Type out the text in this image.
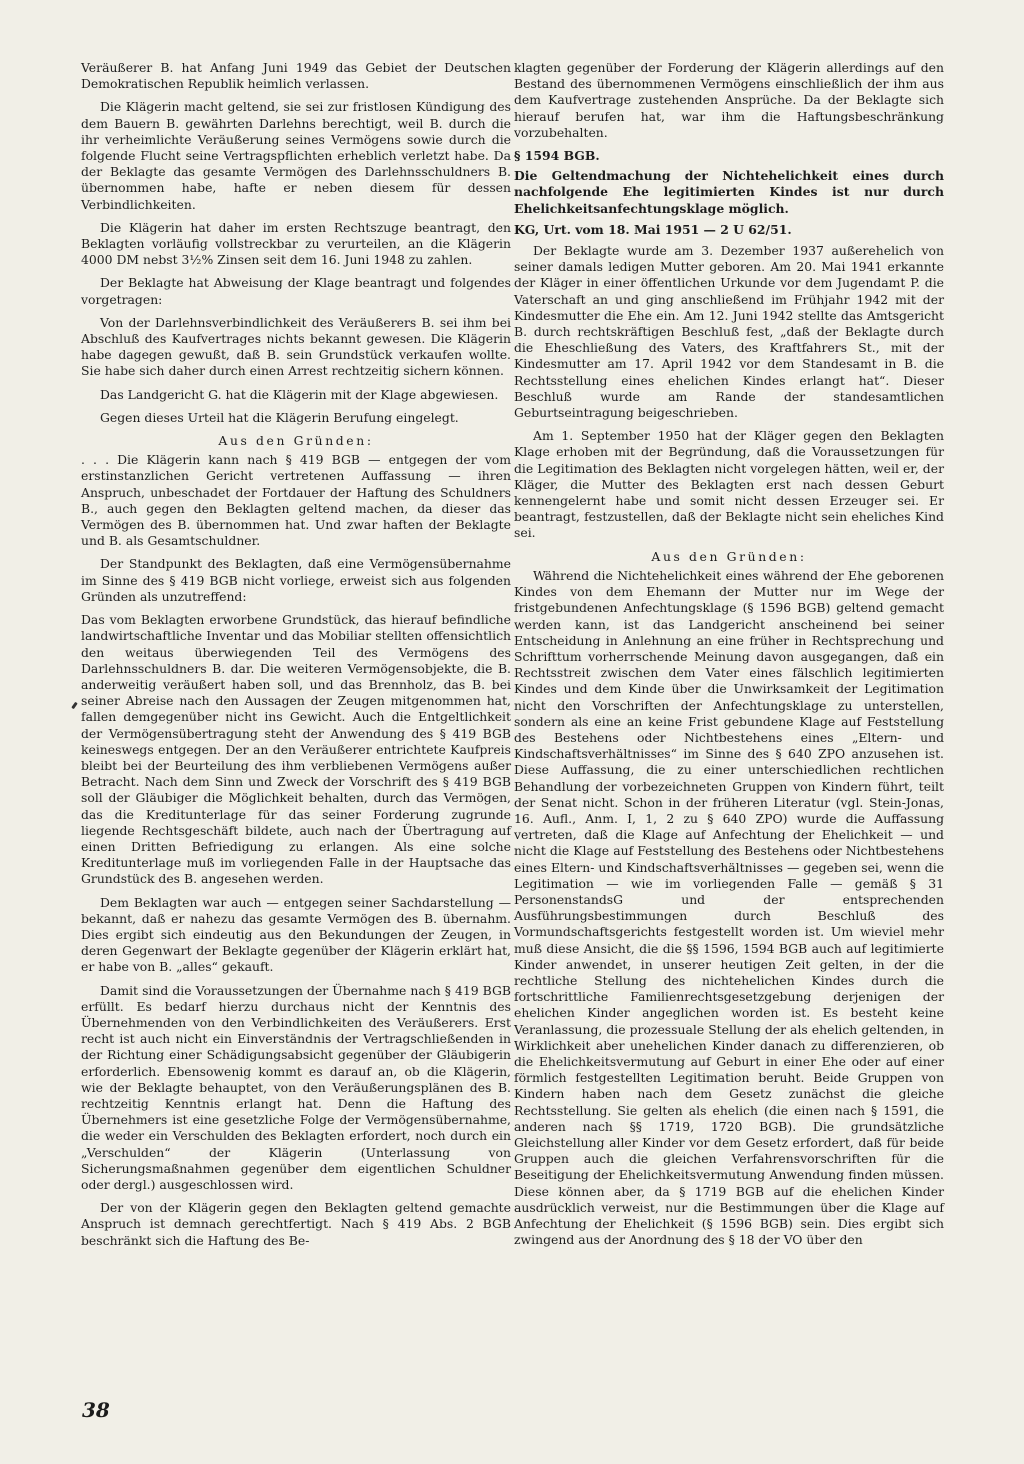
Veräußerer B. hat Anfang Juni 1949 das Gebiet der Deutschen Demokratischen Republik heimlich verlassen.

Die Klägerin macht geltend, sie sei zur fristlosen Kündigung des dem Bauern B. gewährten Darlehns berechtigt, weil B. durch die ihr verheimlichte Veräußerung seines Vermögens sowie durch die folgende Flucht seine Vertragspflichten erheblich verletzt habe. Da der Beklagte das gesamte Vermögen des Darlehnsschuldners B. übernommen habe, hafte er neben diesem für dessen Verbindlichkeiten.

Die Klägerin hat daher im ersten Rechtszuge beantragt, den Beklagten vorläufig vollstreckbar zu verurteilen, an die Klägerin 4000 DM nebst 3½% Zinsen seit dem 16. Juni 1948 zu zahlen.

Der Beklagte hat Abweisung der Klage beantragt und folgendes vorgetragen:

Von der Darlehnsverbindlichkeit des Veräußerers B. sei ihm bei Abschluß des Kaufvertrages nichts bekannt gewesen. Die Klägerin habe dagegen gewußt, daß B. sein Grundstück verkaufen wollte. Sie habe sich daher durch einen Arrest rechtzeitig sichern können.

Das Landgericht G. hat die Klägerin mit der Klage abgewiesen.

Gegen dieses Urteil hat die Klägerin Berufung eingelegt.

Aus den Gründen:

. . . Die Klägerin kann nach § 419 BGB — entgegen der vom erstinstanzlichen Gericht vertretenen Auffassung — ihren Anspruch, unbeschadet der Fortdauer der Haftung des Schuldners B., auch gegen den Beklagten geltend machen, da dieser das Vermögen des B. übernommen hat. Und zwar haften der Beklagte und B. als Gesamtschuldner.

Der Standpunkt des Beklagten, daß eine Vermögensübernahme im Sinne des § 419 BGB nicht vorliege, erweist sich aus folgenden Gründen als unzutreffend:

Das vom Beklagten erworbene Grundstück, das hierauf befindliche landwirtschaftliche Inventar und das Mobiliar stellten offensichtlich den weitaus überwiegenden Teil des Vermögens des Darlehnsschuldners B. dar. Die weiteren Vermögensobjekte, die B. anderweitig veräußert haben soll, und das Brennholz, das B. bei seiner Abreise nach den Aussagen der Zeugen mitgenommen hat, fallen demgegenüber nicht ins Gewicht. Auch die Entgeltlichkeit der Vermögensübertragung steht der Anwendung des § 419 BGB keineswegs entgegen. Der an den Veräußerer entrichtete Kaufpreis bleibt bei der Beurteilung des ihm verbliebenen Vermögens außer Betracht. Nach dem Sinn und Zweck der Vorschrift des § 419 BGB soll der Gläubiger die Möglichkeit behalten, durch das Vermögen, das die Kreditunterlage für das seiner Forderung zugrunde liegende Rechtsgeschäft bildete, auch nach der Übertragung auf einen Dritten Befriedigung zu erlangen. Als eine solche Kreditunterlage muß im vorliegenden Falle in der Hauptsache das Grundstück des B. angesehen werden.

Dem Beklagten war auch — entgegen seiner Sachdarstellung — bekannt, daß er nahezu das gesamte Vermögen des B. übernahm. Dies ergibt sich eindeutig aus den Bekundungen der Zeugen, in deren Gegenwart der Beklagte gegenüber der Klägerin erklärt hat, er habe von B. „alles“ gekauft.

Damit sind die Voraussetzungen der Übernahme nach § 419 BGB erfüllt. Es bedarf hierzu durchaus nicht der Kenntnis des Übernehmenden von den Verbindlichkeiten des Veräußerers. Erst recht ist auch nicht ein Einverständnis der Vertragschließenden in der Richtung einer Schädigungsabsicht gegenüber der Gläubigerin erforderlich. Ebensowenig kommt es darauf an, ob die Klägerin, wie der Beklagte behauptet, von den Veräußerungsplänen des B. rechtzeitig Kenntnis erlangt hat. Denn die Haftung des Übernehmers ist eine gesetzliche Folge der Vermögensübernahme, die weder ein Verschulden des Beklagten erfordert, noch durch ein „Verschulden“ der Klägerin (Unterlassung von Sicherungsmaßnahmen gegenüber dem eigentlichen Schuldner oder dergl.) ausgeschlossen wird.

Der von der Klägerin gegen den Beklagten geltend gemachte Anspruch ist demnach gerechtfertigt. Nach § 419 Abs. 2 BGB beschränkt sich die Haftung des Be-

klagten gegenüber der Forderung der Klägerin allerdings auf den Bestand des übernommenen Vermögens einschließlich der ihm aus dem Kaufvertrage zustehenden Ansprüche. Da der Beklagte sich hierauf berufen hat, war ihm die Haftungsbeschränkung vorzubehalten.

§ 1594 BGB.

Die Geltendmachung der Nichtehelichkeit eines durch nachfolgende Ehe legitimierten Kindes ist nur durch Ehelichkeitsanfechtungsklage möglich.

KG, Urt. vom 18. Mai 1951 — 2 U 62/51.

Der Beklagte wurde am 3. Dezember 1937 außerehelich von seiner damals ledigen Mutter geboren. Am 20. Mai 1941 erkannte der Kläger in einer öffentlichen Urkunde vor dem Jugendamt P. die Vaterschaft an und ging anschließend im Frühjahr 1942 mit der Kindesmutter die Ehe ein. Am 12. Juni 1942 stellte das Amtsgericht B. durch rechtskräftigen Beschluß fest, „daß der Beklagte durch die Eheschließung des Vaters, des Kraftfahrers St., mit der Kindesmutter am 17. April 1942 vor dem Standesamt in B. die Rechtsstellung eines ehelichen Kindes erlangt hat“. Dieser Beschluß wurde am Rande der standesamtlichen Geburtseintragung beigeschrieben.

Am 1. September 1950 hat der Kläger gegen den Beklagten Klage erhoben mit der Begründung, daß die Voraussetzungen für die Legitimation des Beklagten nicht vorgelegen hätten, weil er, der Kläger, die Mutter des Beklagten erst nach dessen Geburt kennengelernt habe und somit nicht dessen Erzeuger sei. Er beantragt, festzustellen, daß der Beklagte nicht sein eheliches Kind sei.

Aus den Gründen:

Während die Nichtehelichkeit eines während der Ehe geborenen Kindes von dem Ehemann der Mutter nur im Wege der fristgebundenen Anfechtungsklage (§ 1596 BGB) geltend gemacht werden kann, ist das Landgericht anscheinend bei seiner Entscheidung in Anlehnung an eine früher in Rechtsprechung und Schrifttum vorherrschende Meinung davon ausgegangen, daß ein Rechtsstreit zwischen dem Vater eines fälschlich legitimierten Kindes und dem Kinde über die Unwirksamkeit der Legitimation nicht den Vorschriften der Anfechtungsklage zu unterstellen, sondern als eine an keine Frist gebundene Klage auf Feststellung des Bestehens oder Nichtbestehens eines „Eltern- und Kindschaftsverhältnisses“ im Sinne des § 640 ZPO anzusehen ist. Diese Auffassung, die zu einer unterschiedlichen rechtlichen Behandlung der vorbezeichneten Gruppen von Kindern führt, teilt der Senat nicht. Schon in der früheren Literatur (vgl. Stein-Jonas, 16. Aufl., Anm. I, 1, 2 zu § 640 ZPO) wurde die Auffassung vertreten, daß die Klage auf Anfechtung der Ehelichkeit — und nicht die Klage auf Feststellung des Bestehens oder Nichtbestehens eines Eltern- und Kindschaftsverhältnisses — gegeben sei, wenn die Legitimation — wie im vorliegenden Falle — gemäß § 31 PersonenstandsG und der entsprechenden Ausführungsbestimmungen durch Beschluß des Vormundschaftsgerichts festgestellt worden ist. Um wieviel mehr muß diese Ansicht, die die §§ 1596, 1594 BGB auch auf legitimierte Kinder anwendet, in unserer heutigen Zeit gelten, in der die rechtliche Stellung des nichtehelichen Kindes durch die fortschrittliche Familienrechtsgesetzgebung derjenigen der ehelichen Kinder angeglichen worden ist. Es besteht keine Veranlassung, die prozessuale Stellung der als ehelich geltenden, in Wirklichkeit aber unehelichen Kinder danach zu differenzieren, ob die Ehelichkeitsvermutung auf Geburt in einer Ehe oder auf einer förmlich festgestellten Legitimation beruht. Beide Gruppen von Kindern haben nach dem Gesetz zunächst die gleiche Rechtsstellung. Sie gelten als ehelich (die einen nach § 1591, die anderen nach §§ 1719, 1720 BGB). Die grundsätzliche Gleichstellung aller Kinder vor dem Gesetz erfordert, daß für beide Gruppen auch die gleichen Verfahrensvorschriften für die Beseitigung der Ehelichkeitsvermutung Anwendung finden müssen. Diese können aber, da § 1719 BGB auf die ehelichen Kinder ausdrücklich verweist, nur die Bestimmungen über die Klage auf Anfechtung der Ehelichkeit (§ 1596 BGB) sein. Dies ergibt sich zwingend aus der Anordnung des § 18 der VO über den

38
